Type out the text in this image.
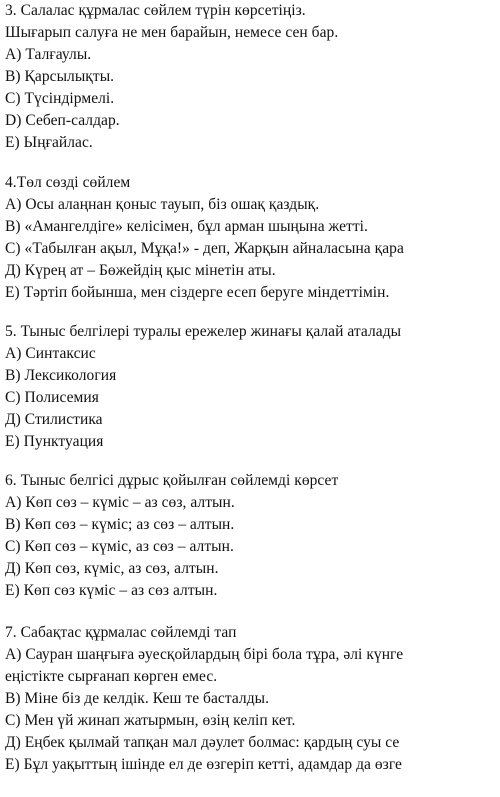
3. Салалас құрмалас сөйлем түрін көрсетіңіз.
Шығарып салуға не мен барайын, немесе сен бар.
A) Талғаулы.
B) Қарсылықты.
C) Түсіндірмелі.
D) Себеп-салдар.
E) Ыңғайлас.
4.Төл сөзді сөйлем
A) Осы алаңнан қоныс тауып, біз ошақ қаздық.
B) «Амангелдіге» келісімен, бұл арман шыңына жетті.
C) «Табылған ақыл, Мұқа!» - деп, Жарқын айналасына қара
Д) Күрең ат – Бөжейдің қыс мінетін аты.
E) Тәртіп бойынша, мен сіздерге есеп беруге міндеттімін.
5. Тыныс белгілері туралы ережелер жинағы қалай аталады
A) Синтаксис
B) Лексикология
C) Полисемия
Д) Стилистика
E) Пунктуация
6. Тыныс белгісі дұрыс қойылған сөйлемді көрсет
A) Көп сөз – күміс – аз сөз, алтын.
B) Көп сөз – күміс; аз сөз – алтын.
C) Көп сөз – күміс, аз сөз – алтын.
Д) Көп сөз, күміс, аз сөз, алтын.
E) Көп сөз күміс – аз сөз алтын.
7. Сабақтас құрмалас сөйлемді тап
A) Сауран шаңғыға әуесқойлардың бірі бола тұра, әлі күнге
еңістікте сырғанап көрген емес.
B) Міне біз де келдік. Кеш те басталды.
C) Мен үй жинап жатырмын, өзің келіп кет.
Д) Еңбек қылмай тапқан мал дәулет болмас: қардың суы се
E) Бұл уақыттың ішінде ел де өзгеріп кетті, адамдар да өзге
